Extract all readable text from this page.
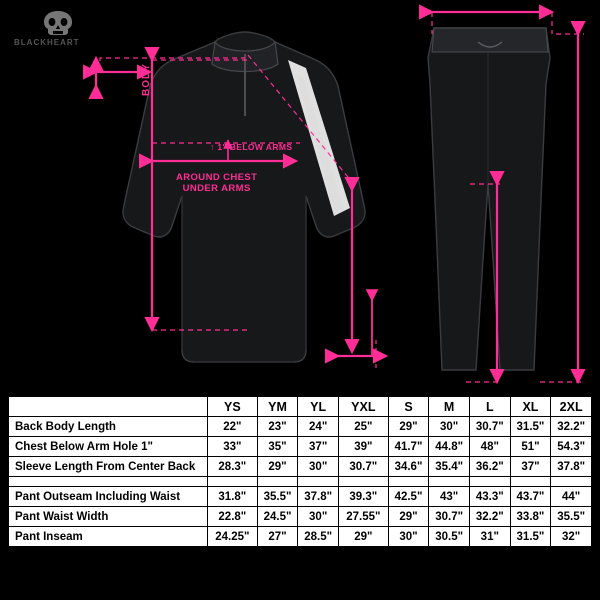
BLACKHEART
BODY
↑ 1" BELOW ARMS
AROUND CHEST
UNDER ARMS
	YS	YM	YL	YXL	S	M	L	XL	2XL
Back Body Length	22"	23"	24"	25"	29"	30"	30.7"	31.5"	32.2"
Chest Below Arm Hole 1"	33"	35"	37"	39"	41.7"	44.8"	48"	51"	54.3"
Sleeve Length From Center Back	28.3"	29"	30"	30.7"	34.6"	35.4"	36.2"	37"	37.8"

Pant Outseam Including Waist	31.8"	35.5"	37.8"	39.3"	42.5"	43"	43.3"	43.7"	44"
Pant Waist Width	22.8"	24.5"	30"	27.55"	29"	30.7"	32.2"	33.8"	35.5"
Pant Inseam	24.25"	27"	28.5"	29"	30"	30.5"	31"	31.5"	32"
